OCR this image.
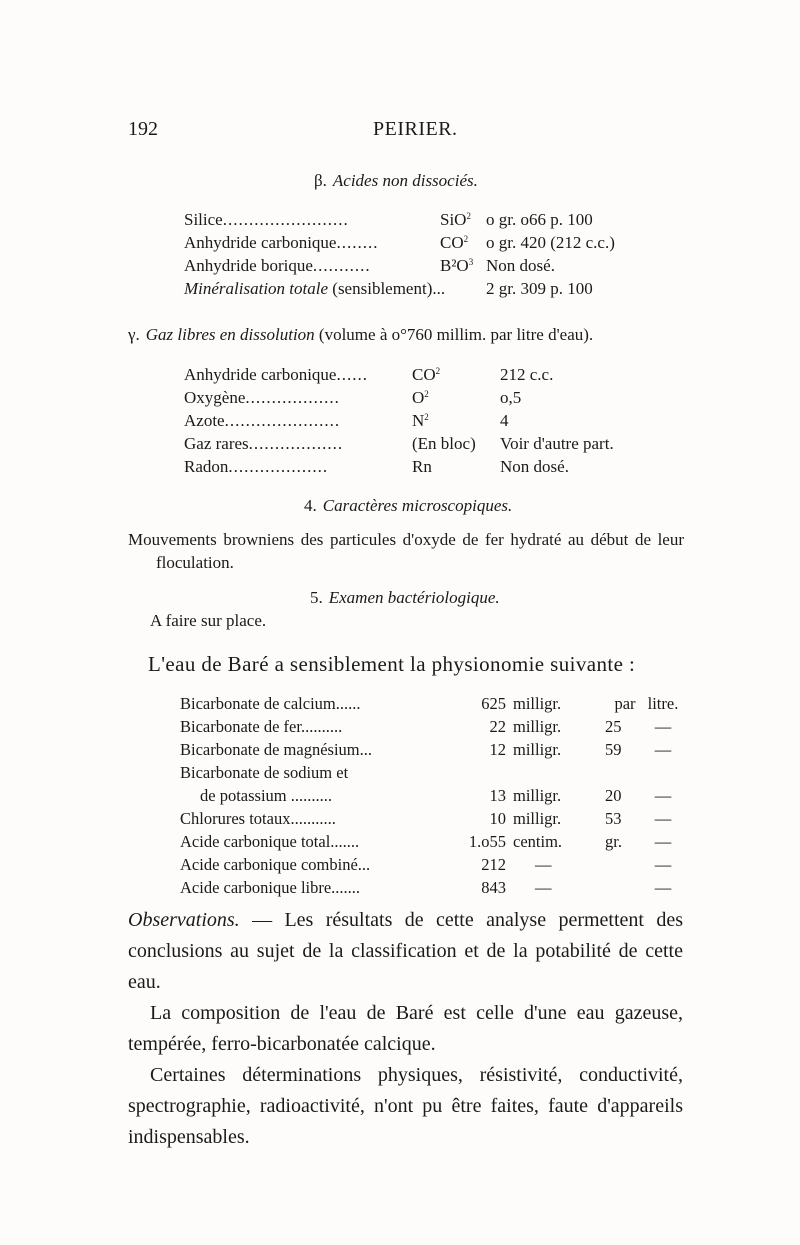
192	PEIRIER.
β. Acides non dissociés.
Silice........................	SiO$^2$	o gr. o66 p. 100
Anhydride carbonique........	$CO^2$	o gr. 420 (212 c.c.)
Anhydride borique...........	$B^2O^3$	Non dosé.
Minéralisation totale (sensiblement)...		2 gr. 309 p. 100
γ. Gaz libres en dissolution (volume à o°760 millim. par litre d'eau).
Anhydride carbonique......	$CO^2$	212 c.c.
Oxygène..................	$O^2$	o,5
Azote......................	$N^2$	4
Gaz rares..................	(En bloc)	Voir d'autre part.
Radon...................	Rn	Non dosé.
4. Caractères microscopiques.
Mouvements browniens des particules d'oxyde de fer hydraté au début de leur floculation.
5. Examen bactériologique.
A faire sur place.
L'eau de Baré a sensiblement la physionomie suivante :
Bicarbonate de calcium......	625	milligr.	par	litre.
Bicarbonate de fer..........	22	milligr.	25	—
Bicarbonate de magnésium...	12	milligr.	59	—
Bicarbonate de sodium et				
de potassium ..........	13	milligr.	20	—
Chlorures totaux...........	10	milligr.	53	—
Acide carbonique total.......	1.o55	centim.	gr.	—
Acide carbonique combiné...	212	—		—
Acide carbonique libre.......	843	—		—
Observations. — Les résultats de cette analyse permettent des conclusions au sujet de la classification et de la potabilité de cette eau.
La composition de l'eau de Baré est celle d'une eau gazeuse, tempérée, ferro-bicarbonatée calcique.
Certaines déterminations physiques, résistivité, conductivité, spectrographie, radioactivité, n'ont pu être faites, faute d'appareils indispensables.
